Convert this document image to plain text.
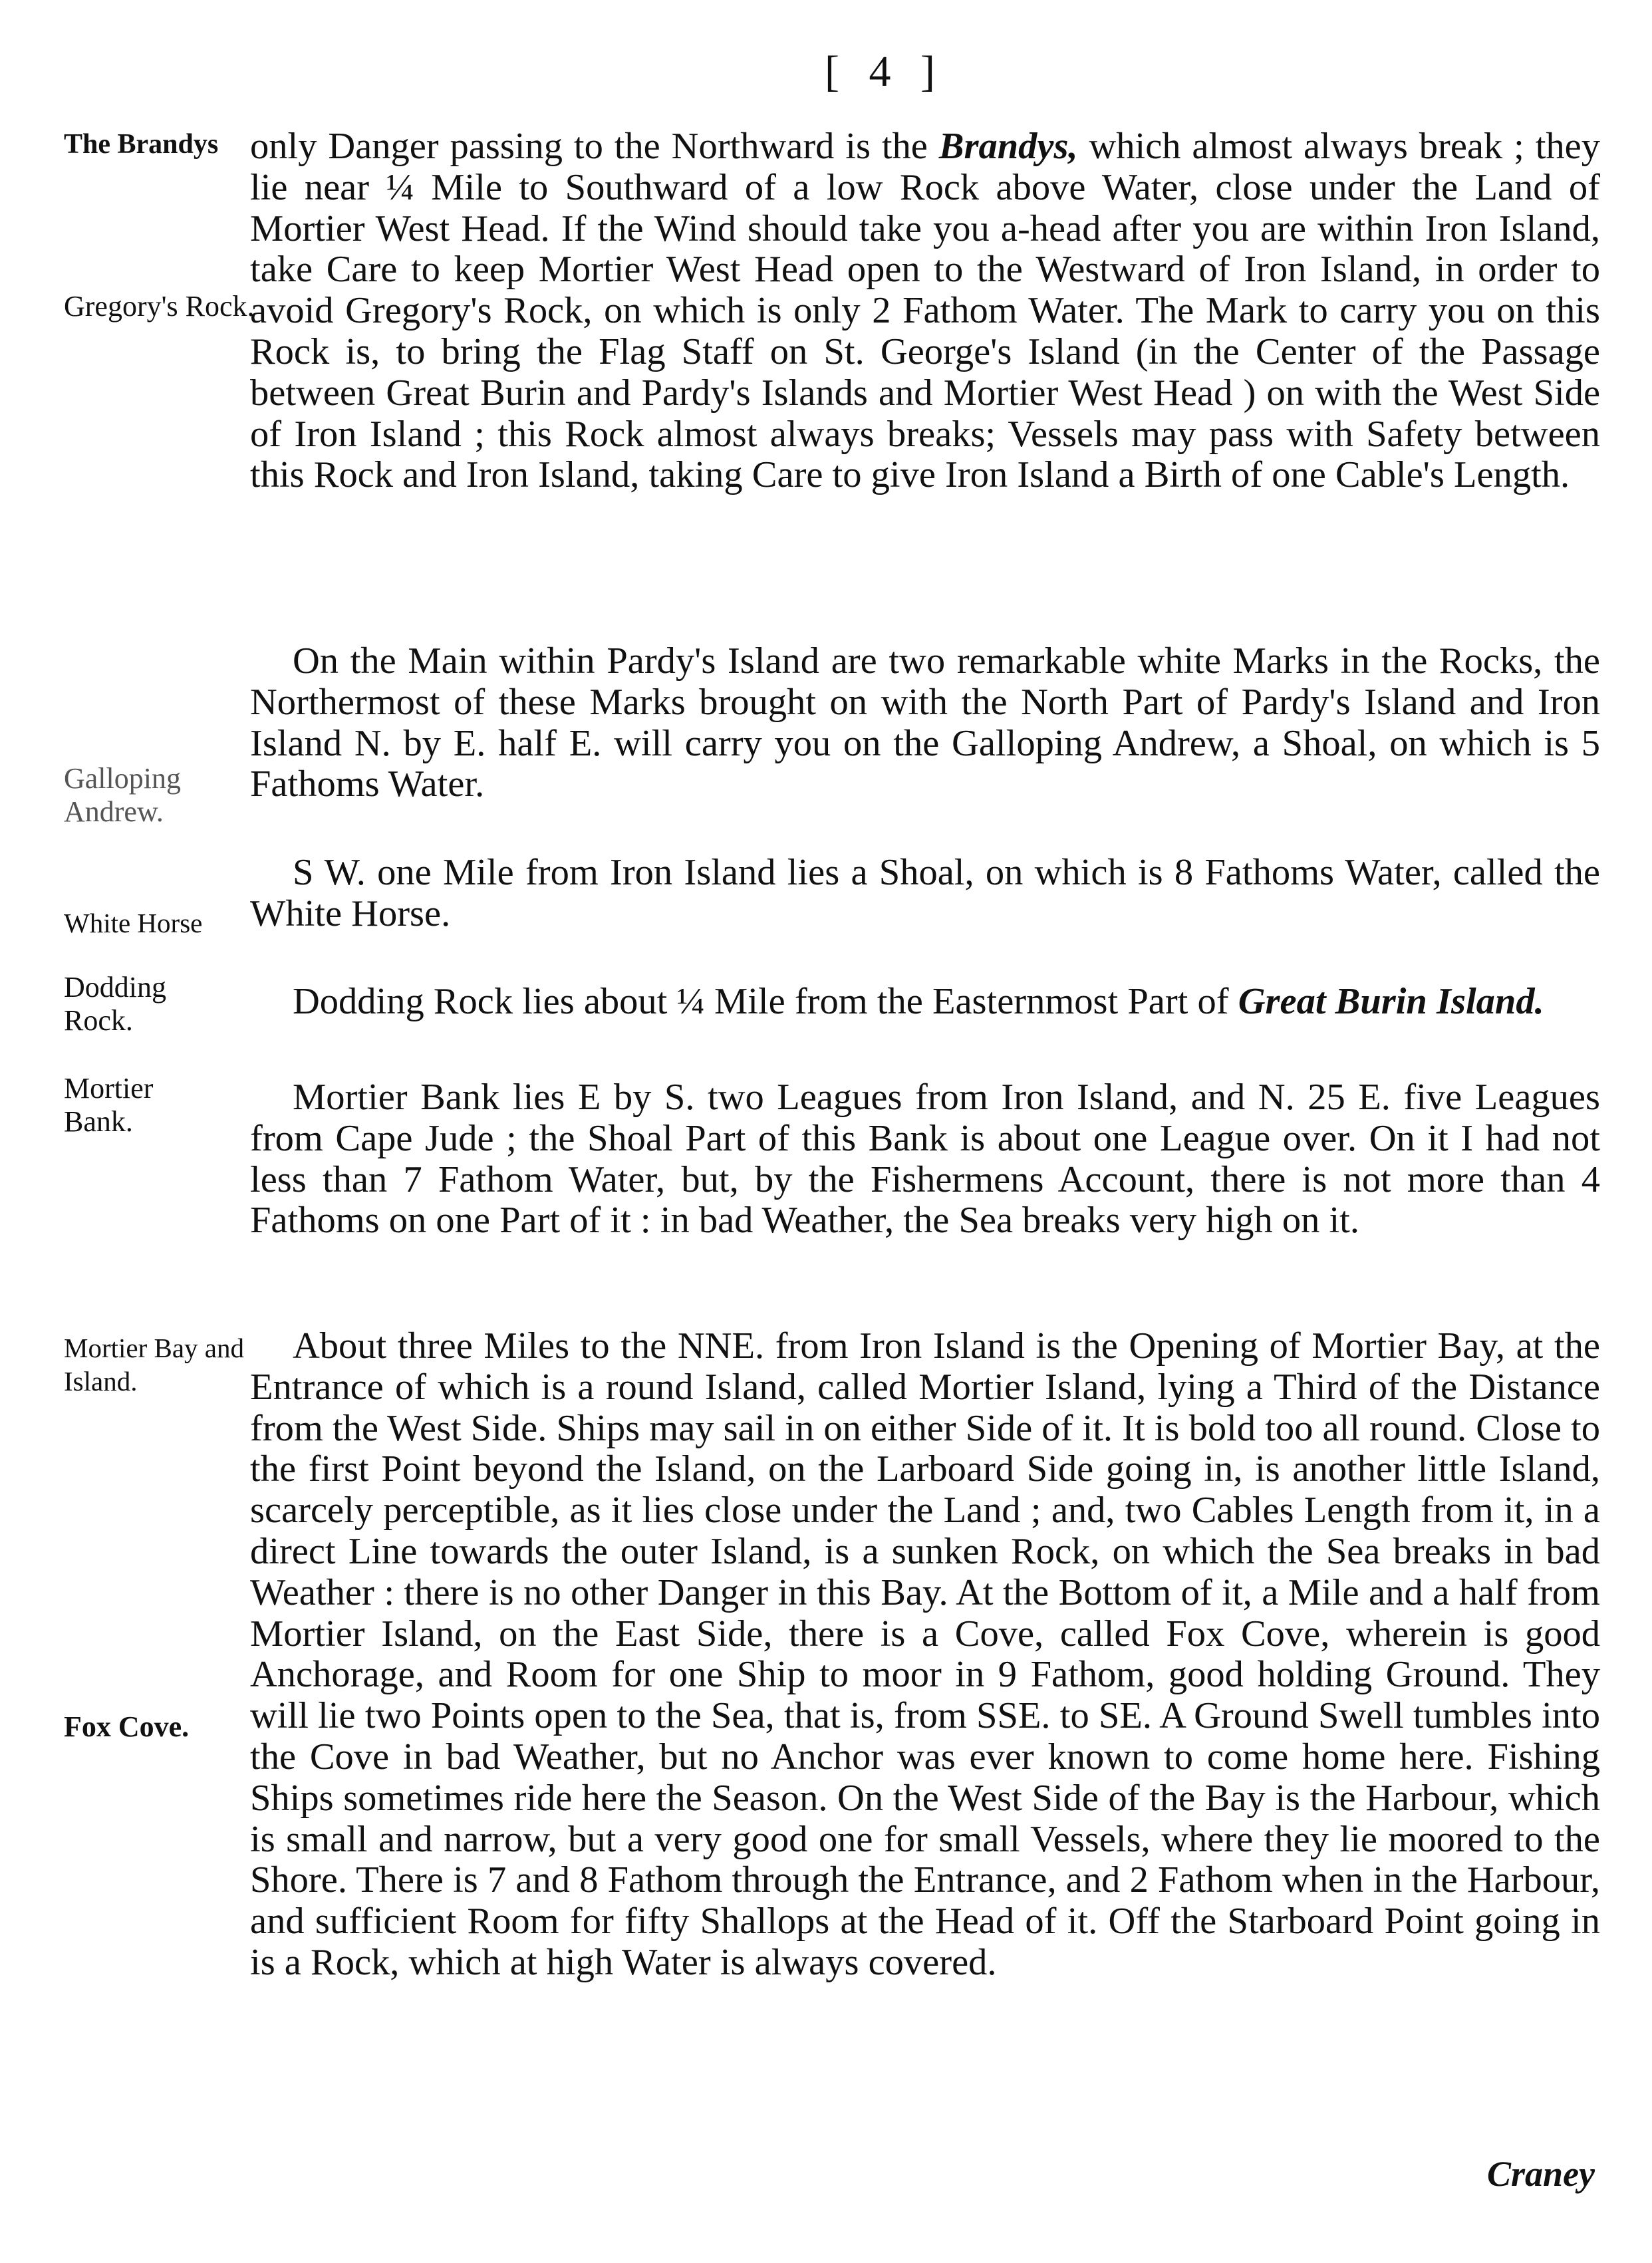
[ 4 ]
The Brandys
Gregory's Rock.
Galloping Andrew.
White Horse
Dodding Rock.
Mortier Bank.
Mortier Bay and Island.
Fox Cove.
only Danger passing to the Northward is the Brandys, which almost always break ; they lie near ¼ Mile to Southward of a low Rock above Water, close under the Land of Mortier West Head. If the Wind should take you a-head after you are within Iron Island, take Care to keep Mortier West Head open to the Westward of Iron Island, in order to avoid Gregory's Rock, on which is only 2 Fathom Water. The Mark to carry you on this Rock is, to bring the Flag Staff on St. George's Island (in the Center of the Passage between Great Burin and Pardy's Islands and Mortier West Head ) on with the West Side of Iron Island ; this Rock almost always breaks; Vessels may pass with Safety between this Rock and Iron Island, taking Care to give Iron Island a Birth of one Cable's Length.
On the Main within Pardy's Island are two remarkable white Marks in the Rocks, the Northermost of these Marks brought on with the North Part of Pardy's Island and Iron Island N. by E. half E. will carry you on the Galloping Andrew, a Shoal, on which is 5 Fathoms Water.
S W. one Mile from Iron Island lies a Shoal, on which is 8 Fathoms Water, called the White Horse.
Dodding Rock lies about ¼ Mile from the Easternmost Part of Great Burin Island.
Mortier Bank lies E by S. two Leagues from Iron Island, and N. 25 E. five Leagues from Cape Jude ; the Shoal Part of this Bank is about one League over. On it I had not less than 7 Fathom Water, but, by the Fishermens Account, there is not more than 4 Fathoms on one Part of it : in bad Weather, the Sea breaks very high on it.
About three Miles to the NNE. from Iron Island is the Opening of Mortier Bay, at the Entrance of which is a round Island, called Mortier Island, lying a Third of the Distance from the West Side. Ships may sail in on either Side of it. It is bold too all round. Close to the first Point beyond the Island, on the Larboard Side going in, is another little Island, scarcely perceptible, as it lies close under the Land ; and, two Cables Length from it, in a direct Line towards the outer Island, is a sunken Rock, on which the Sea breaks in bad Weather : there is no other Danger in this Bay. At the Bottom of it, a Mile and a half from Mortier Island, on the East Side, there is a Cove, called Fox Cove, wherein is good Anchorage, and Room for one Ship to moor in 9 Fathom, good holding Ground. They will lie two Points open to the Sea, that is, from SSE. to SE. A Ground Swell tumbles into the Cove in bad Weather, but no Anchor was ever known to come home here. Fishing Ships sometimes ride here the Season. On the West Side of the Bay is the Harbour, which is small and narrow, but a very good one for small Vessels, where they lie moored to the Shore. There is 7 and 8 Fathom through the Entrance, and 2 Fathom when in the Harbour, and sufficient Room for fifty Shallops at the Head of it. Off the Starboard Point going in is a Rock, which at high Water is always covered.
Craney
